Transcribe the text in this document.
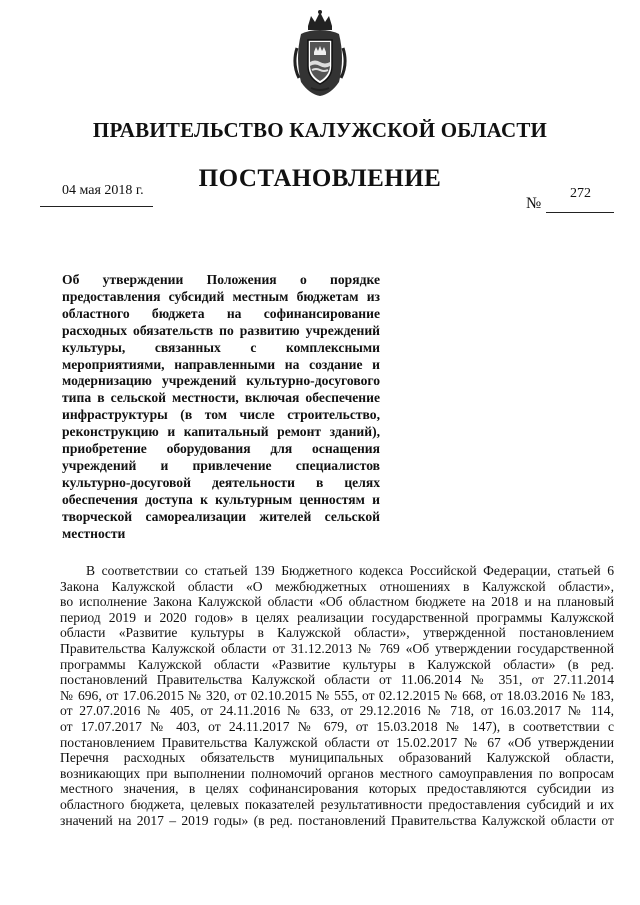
ПРАВИТЕЛЬСТВО КАЛУЖСКОЙ ОБЛАСТИ
ПОСТАНОВЛЕНИЕ
04 мая 2018 г.	272
№
Об утверждении Положения о порядке
предоставления субсидий местным бюджетам из
областного бюджета на софинансирование
расходных обязательств по развитию учреждений
культуры, связанных с комплексными
мероприятиями, направленными на создание и
модернизацию учреждений культурно-досугового
типа в сельской местности, включая обеспечение
инфраструктуры (в том числе строительство,
реконструкцию и капитальный ремонт зданий),
приобретение оборудования для оснащения
учреждений и привлечение специалистов
культурно-досуговой деятельности в целях
обеспечения доступа к культурным ценностям и
творческой самореализации жителей сельской
местности
В соответствии со статьей 139 Бюджетного кодекса Российской Федерации, статьей 6
Закона Калужской области «О межбюджетных отношениях в Калужской области»,
во исполнение Закона Калужской области «Об областном бюджете на 2018 и на плановый
период 2019 и 2020 годов» в целях реализации государственной программы Калужской
области «Развитие культуры в Калужской области», утвержденной постановлением
Правительства Калужской области от 31.12.2013 № 769 «Об утверждении государственной
программы Калужской области «Развитие культуры в Калужской области» (в ред.
постановлений Правительства Калужской области от 11.06.2014 № 351, от 27.11.2014
№ 696, от 17.06.2015 № 320, от 02.10.2015 № 555, от 02.12.2015 № 668, от 18.03.2016 № 183,
от 27.07.2016 № 405, от 24.11.2016 № 633, от 29.12.2016 № 718, от 16.03.2017 № 114,
от 17.07.2017 № 403, от 24.11.2017 № 679, от 15.03.2018 № 147), в соответствии с
постановлением Правительства Калужской области от 15.02.2017 № 67 «Об утверждении
Перечня расходных обязательств муниципальных образований Калужской области,
возникающих при выполнении полномочий органов местного самоуправления по вопросам
местного значения, в целях софинансирования которых предоставляются субсидии из
областного бюджета, целевых показателей результативности предоставления субсидий и их
значений на 2017 – 2019 годы» (в ред. постановлений Правительства Калужской области от
